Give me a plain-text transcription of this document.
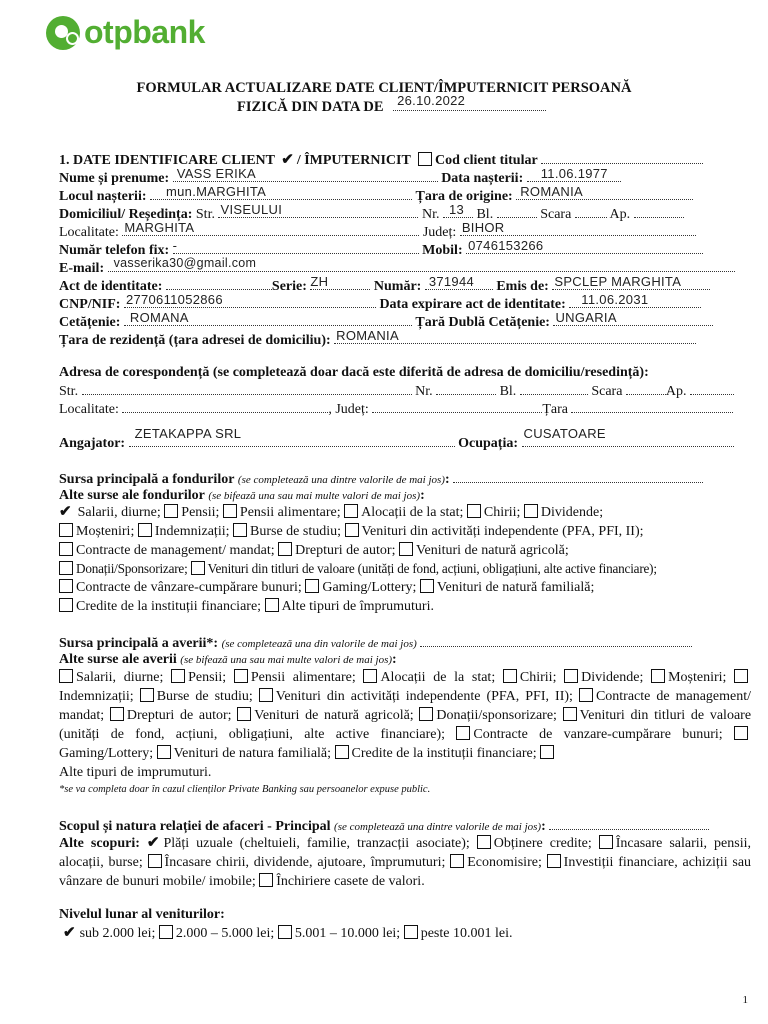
otpbank
FORMULAR ACTUALIZARE DATE CLIENT/ÎMPUTERNICIT PERSOANĂ
FIZICĂ DIN DATA DE 26.10.2022
1. DATE IDENTIFICARE CLIENT ✔ / ÎMPUTERNICIT Cod client titular
Nume și prenume: VASS ERIKA	Data nașterii: 11.06.1977
Locul nașterii: mun.MARGHITA	Țara de origine: ROMANIA
Domiciliul/ Reședința: Str. VISEULUI	Nr. 13 Bl.	Scara	Ap.
Localitate: MARGHITA	Județ: BIHOR
Număr telefon fix: -	Mobil: 0746153266
E-mail: vasserika30@gmail.com
Act de identitate:	Serie: ZH	Număr: 371944 Emis de: SPCLEP MARGHITA
CNP/NIF: 2770611052866	Data expirare act de identitate: 11.06.2031
Cetățenie: ROMANA	Țară Dublă Cetățenie: UNGARIA
Țara de rezidență (țara adresei de domiciliu): ROMANIA
Adresa de corespondență (se completează doar dacă este diferită de adresa de domiciliu/resedință):
Str.	Nr.	Bl.	Scara	Ap.
Localitate:	, Județ:	Țara
Angajator:
ZETAKAPPA SRL
Ocupația:
CUSATOARE
Sursa principală a fondurilor (se completează una dintre valorile de mai jos):
Alte surse ale fondurilor (se bifează una sau mai multe valori de mai jos):
✔ Salarii, diurne; Pensii; Pensii alimentare; Alocații de la stat; Chirii; Dividende;
Moșteniri; Indemnizații; Burse de studiu; Venituri din activități independente (PFA, PFI, II);
Contracte de management/ mandat; Drepturi de autor; Venituri de natură agricolă;
Donații/Sponsorizare; Venituri din titluri de valoare (unități de fond, acțiuni, obligațiuni, alte active financiare);
Contracte de vânzare-cumpărare bunuri; Gaming/Lottery; Venituri de natură familială;
Credite de la instituții financiare; Alte tipuri de împrumuturi.
Sursa principală a averii*: (se completează una din valorile de mai jos)
Alte surse ale averii (se bifează una sau mai multe valori de mai jos):
Salarii, diurne; Pensii; Pensii alimentare; Alocații de la stat; Chirii; Dividende; Moșteniri; Indemnizații; Burse de studiu; Venituri din activități independente (PFA, PFI, II); Contracte de management/ mandat; Drepturi de autor; Venituri de natură agricolă; Donații/sponsorizare; Venituri din titluri de valoare (unități de fond, acțiuni, obligațiuni, alte active financiare); Contracte de vanzare-cumpărare bunuri; Gaming/Lottery; Venituri de natura familială; Credite de la instituții financiare;
Alte tipuri de imprumuturi.
*se va completa doar în cazul clienților Private Banking sau persoanelor expuse public.
Scopul și natura relației de afaceri - Principal (se completează una dintre valorile de mai jos):
Alte scopuri: ✔ Plăți uzuale (cheltuieli, familie, tranzacții asociate); Obținere credite; Încasare salarii, pensii, alocații, burse; Încasare chirii, dividende, ajutoare, împrumuturi; Economisire; Investiții financiare, achiziții sau vânzare de bunuri mobile/ imobile; Închiriere casete de valori.
Nivelul lunar al veniturilor:
✔ sub 2.000 lei; 2.000 – 5.000 lei; 5.001 – 10.000 lei; peste 10.001 lei.
1
